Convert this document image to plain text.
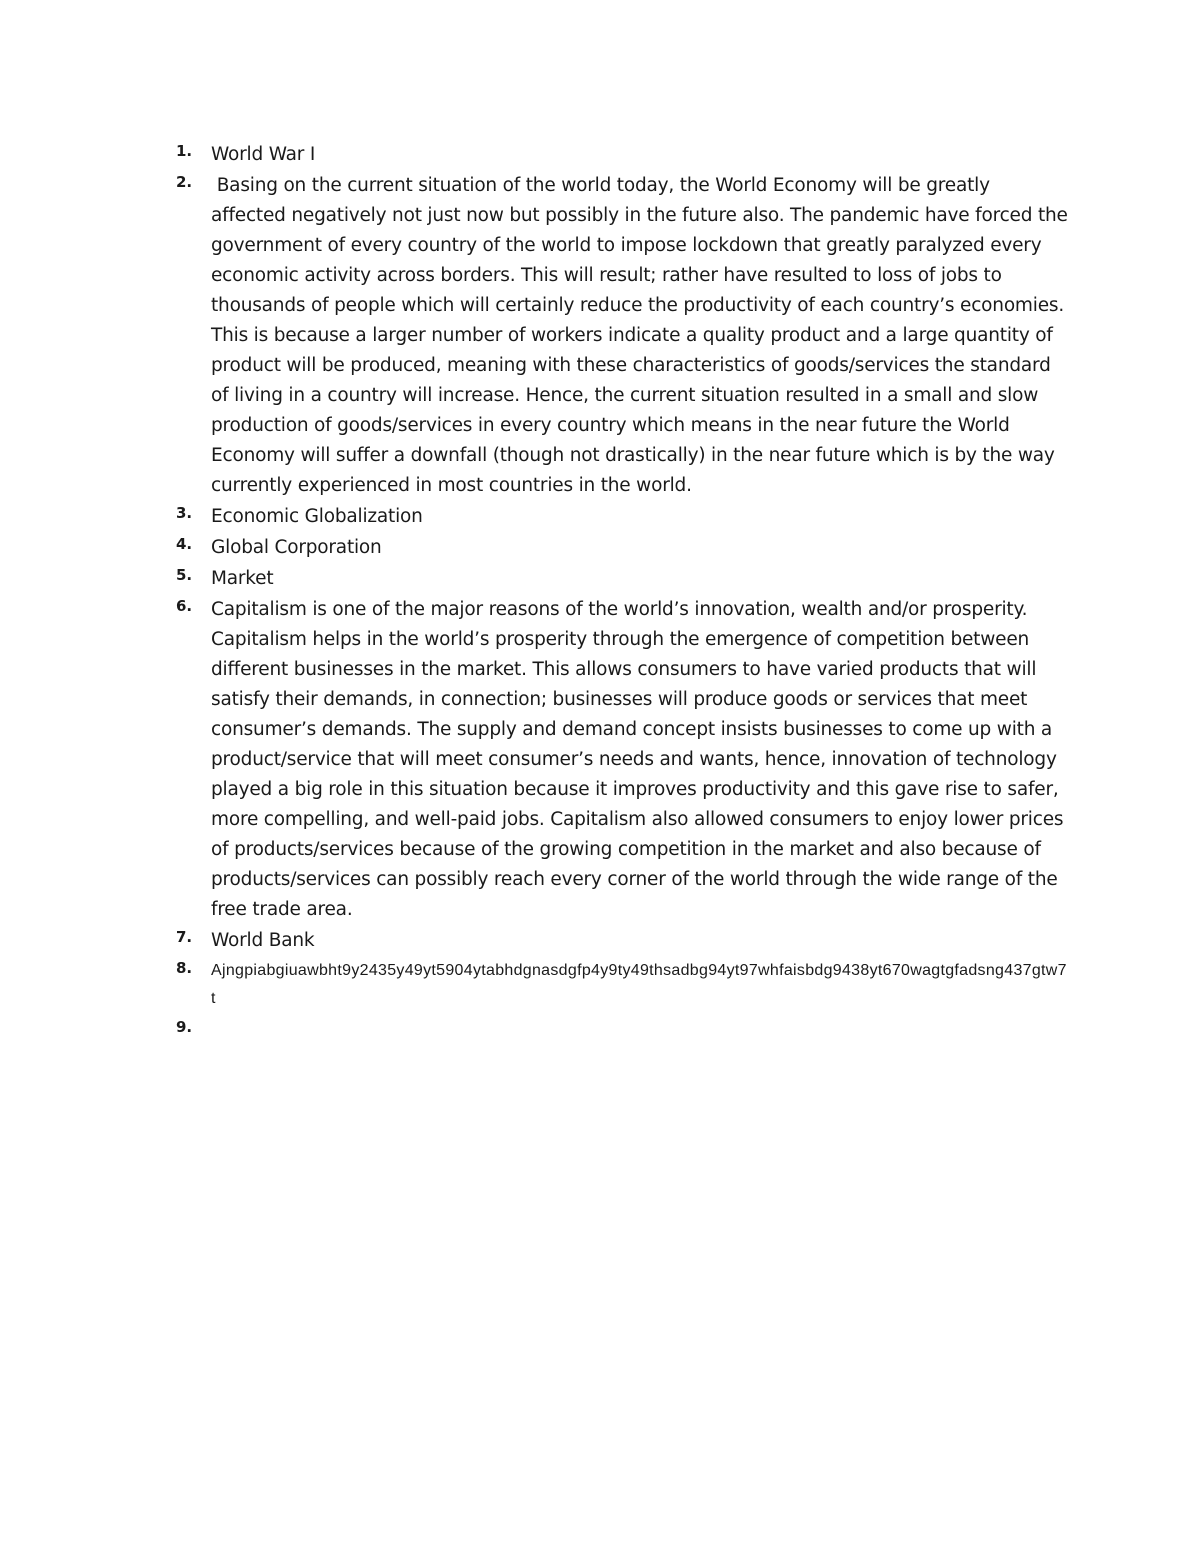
1. World War I
2. Basing on the current situation of the world today, the World Economy will be greatly affected negatively not just now but possibly in the future also. The pandemic have forced the government of every country of the world to impose lockdown that greatly paralyzed every economic activity across borders. This will result; rather have resulted to loss of jobs to thousands of people which will certainly reduce the productivity of each country’s economies. This is because a larger number of workers indicate a quality product and a large quantity of product will be produced, meaning with these characteristics of goods/services the standard of living in a country will increase. Hence, the current situation resulted in a small and slow production of goods/services in every country which means in the near future the World Economy will suffer a downfall (though not drastically) in the near future which is by the way currently experienced in most countries in the world.
3. Economic Globalization
4. Global Corporation
5. Market
6. Capitalism is one of the major reasons of the world’s innovation, wealth and/or prosperity. Capitalism helps in the world’s prosperity through the emergence of competition between different businesses in the market. This allows consumers to have varied products that will satisfy their demands, in connection; businesses will produce goods or services that meet consumer’s demands. The supply and demand concept insists businesses to come up with a product/service that will meet consumer’s needs and wants, hence, innovation of technology played a big role in this situation because it improves productivity and this gave rise to safer, more compelling, and well-paid jobs. Capitalism also allowed consumers to enjoy lower prices of products/services because of the growing competition in the market and also because of products/services can possibly reach every corner of the world through the wide range of the free trade area.
7. World Bank
8. Ajngpiabgiuawbht9y2435y49yt5904ytabhdgnasdgfp4y9ty49thsadbg94yt97whfaisbdg9438yt670wagtgfadsng437gtw7t
9.
